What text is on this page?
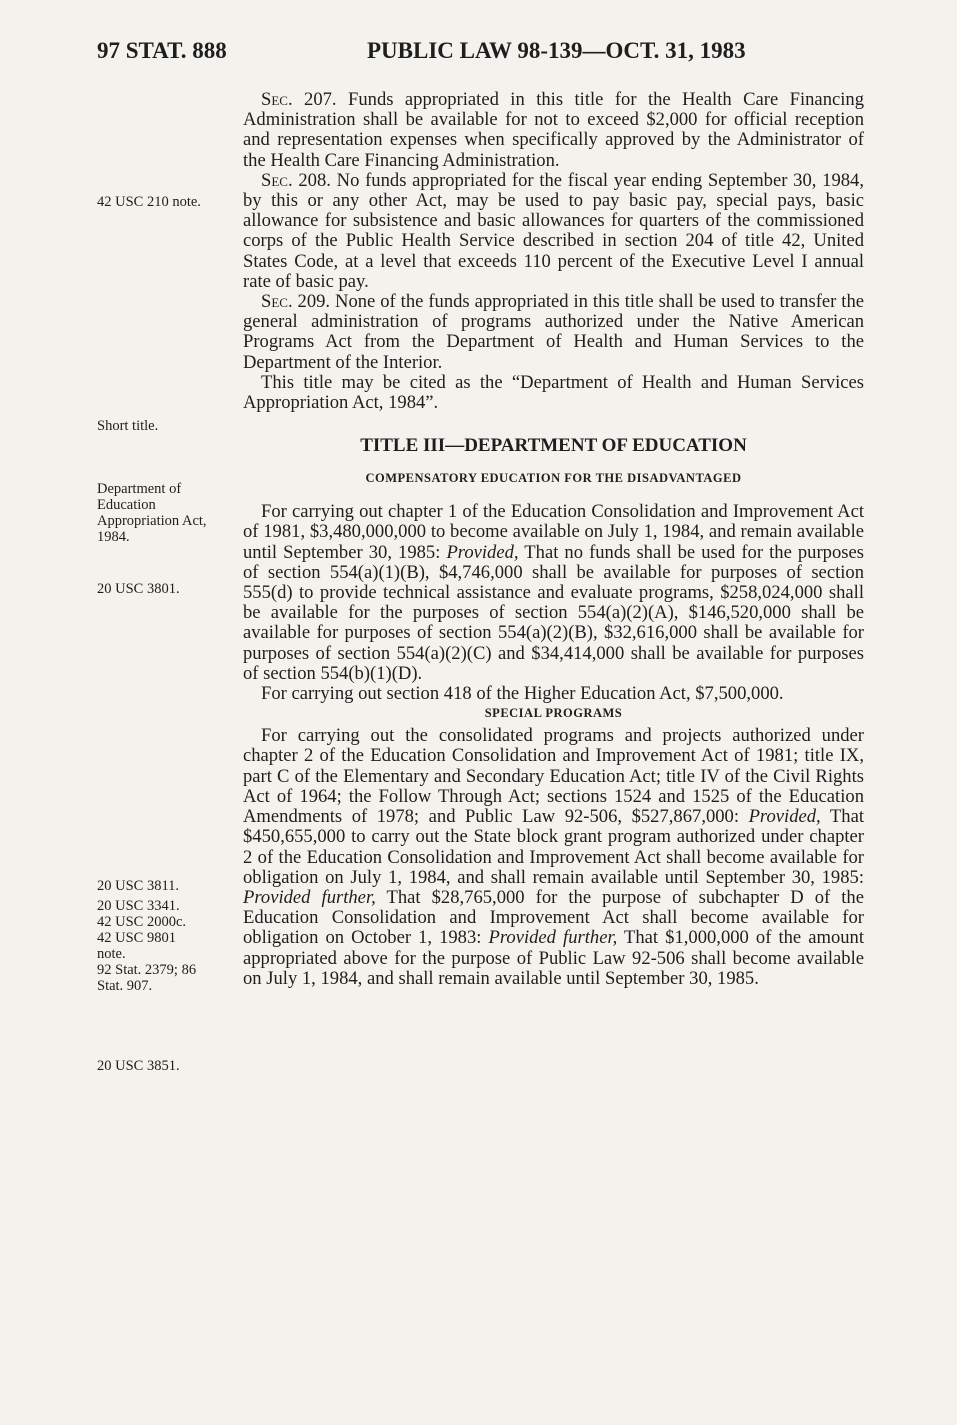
97 STAT. 888	PUBLIC LAW 98-139—OCT. 31, 1983
42 USC 210 note.
Short title.
Department of Education Appropriation Act, 1984.
20 USC 3801.
20 USC 3811.
20 USC 3341.
42 USC 2000c.
42 USC 9801 note.
92 Stat. 2379; 86 Stat. 907.
20 USC 3851.

Sec. 207. Funds appropriated in this title for the Health Care Financing Administration shall be available for not to exceed $2,000 for official reception and representation expenses when specifically approved by the Administrator of the Health Care Financing Administration.

Sec. 208. No funds appropriated for the fiscal year ending September 30, 1984, by this or any other Act, may be used to pay basic pay, special pays, basic allowance for subsistence and basic allowances for quarters of the commissioned corps of the Public Health Service described in section 204 of title 42, United States Code, at a level that exceeds 110 percent of the Executive Level I annual rate of basic pay.

Sec. 209. None of the funds appropriated in this title shall be used to transfer the general administration of programs authorized under the Native American Programs Act from the Department of Health and Human Services to the Department of the Interior.

This title may be cited as the “Department of Health and Human Services Appropriation Act, 1984”.

TITLE III—DEPARTMENT OF EDUCATION
COMPENSATORY EDUCATION FOR THE DISADVANTAGED

For carrying out chapter 1 of the Education Consolidation and Improvement Act of 1981, $3,480,000,000 to become available on July 1, 1984, and remain available until September 30, 1985: Provided, That no funds shall be used for the purposes of section 554(a)(1)(B), $4,746,000 shall be available for purposes of section 555(d) to provide technical assistance and evaluate programs, $258,024,000 shall be available for the purposes of section 554(a)(2)(A), $146,520,000 shall be available for purposes of section 554(a)(2)(B), $32,616,000 shall be available for purposes of section 554(a)(2)(C) and $34,414,000 shall be available for purposes of section 554(b)(1)(D).

For carrying out section 418 of the Higher Education Act, $7,500,000.

SPECIAL PROGRAMS

For carrying out the consolidated programs and projects authorized under chapter 2 of the Education Consolidation and Improvement Act of 1981; title IX, part C of the Elementary and Secondary Education Act; title IV of the Civil Rights Act of 1964; the Follow Through Act; sections 1524 and 1525 of the Education Amendments of 1978; and Public Law 92-506, $527,867,000: Provided, That $450,655,000 to carry out the State block grant program authorized under chapter 2 of the Education Consolidation and Improvement Act shall become available for obligation on July 1, 1984, and shall remain available until September 30, 1985: Provided further, That $28,765,000 for the purpose of subchapter D of the Education Consolidation and Improvement Act shall become available for obligation on October 1, 1983: Provided further, That $1,000,000 of the amount appropriated above for the purpose of Public Law 92-506 shall become available on July 1, 1984, and shall remain available until September 30, 1985.
